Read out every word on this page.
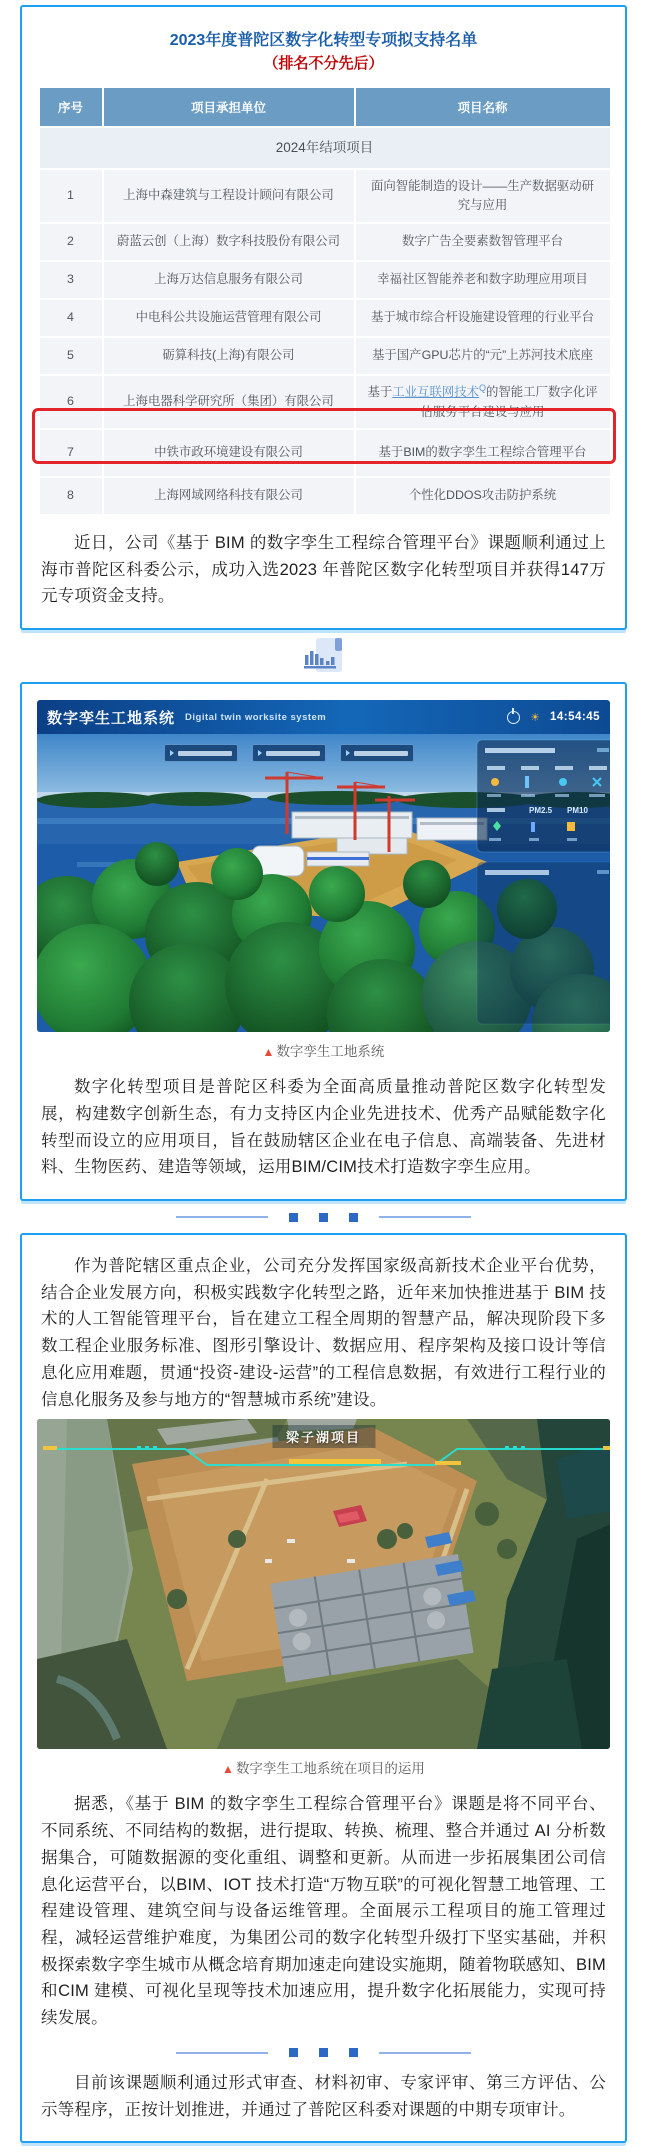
2023年度普陀区数字化转型专项拟支持名单
（排名不分先后）
序号	项目承担单位	项目名称
2024年结项项目		
1	上海中森建筑与工程设计顾问有限公司	面向智能制造的设计——生产数据驱动研究与应用
2	蔚蓝云创（上海）数字科技股份有限公司	数字广告全要素数智管理平台
3	上海万达信息服务有限公司	幸福社区智能养老和数字助理应用项目
4	中电科公共设施运营管理有限公司	基于城市综合杆设施建设管理的行业平台
5	砺算科技(上海)有限公司	基于国产GPU芯片的“元”上苏河技术底座
6	上海电器科学研究所（集团）有限公司	基于工业互联网技术$^Q$的智能工厂数字化评估服务平台建设与应用
7	中铁市政环境建设有限公司	基于BIM的数字孪生工程综合管理平台
8	上海网域网络科技有限公司	个性化DDOS攻击防护系统

近日，公司《基于 BIM 的数字孪生工程综合管理平台》课题顺利通过上海市普陀区科委公示，成功入选2023 年普陀区数字化转型项目并获得147万元专项资金支持。

数字孪生工地系统 Digital twin worksite system	☀ 14:54:45
PM2.5 PM10
▲ 数字孪生工地系统

数字化转型项目是普陀区科委为全面高质量推动普陀区数字化转型发展，构建数字创新生态，有力支持区内企业先进技术、优秀产品赋能数字化转型而设立的应用项目，旨在鼓励辖区企业在电子信息、高端装备、先进材料、生物医药、建造等领域，运用BIM/CIM技术打造数字孪生应用。

作为普陀辖区重点企业，公司充分发挥国家级高新技术企业平台优势，结合企业发展方向，积极实践数字化转型之路，近年来加快推进基于 BIM 技术的人工智能管理平台，旨在建立工程全周期的智慧产品，解决现阶段下多数工程企业服务标准、图形引擎设计、数据应用、程序架构及接口设计等信息化应用难题，贯通“投资-建设-运营”的工程信息数据，有效进行工程行业的信息化服务及参与地方的“智慧城市系统”建设。

梁子湖项目
▲ 数字孪生工地系统在项目的运用

据悉，《基于 BIM 的数字孪生工程综合管理平台》课题是将不同平台、不同系统、不同结构的数据，进行提取、转换、梳理、整合并通过 AI 分析数据集合，可随数据源的变化重组、调整和更新。从而进一步拓展集团公司信息化运营平台，以BIM、IOT 技术打造“万物互联”的可视化智慧工地管理、工程建设管理、建筑空间与设备运维管理。全面展示工程项目的施工管理过程，减轻运营维护难度，为集团公司的数字化转型升级打下坚实基础，并积极探索数字孪生城市从概念培育期加速走向建设实施期，随着物联感知、BIM 和CIM 建模、可视化呈现等技术加速应用，提升数字化拓展能力，实现可持续发展。

目前该课题顺利通过形式审查、材料初审、专家评审、第三方评估、公示等程序，正按计划推进，并通过了普陀区科委对课题的中期专项审计。
